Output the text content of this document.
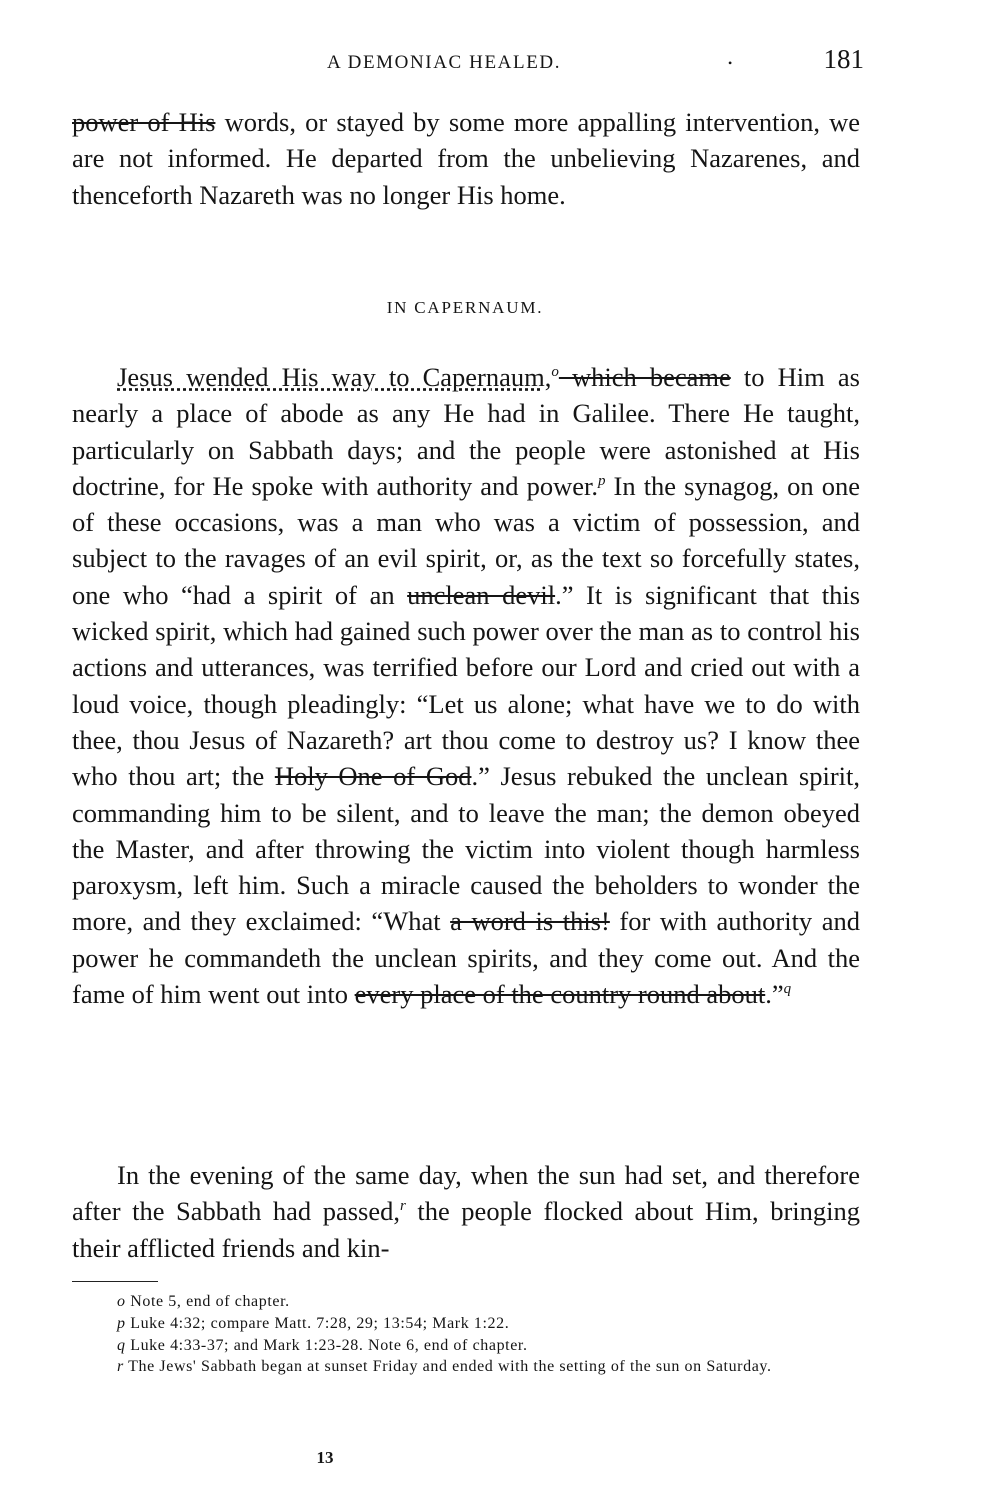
A DEMONIAC HEALED.	•	181

power of His words, or stayed by some more appalling intervention, we are not informed. He departed from the unbelieving Nazarenes, and thenceforth Nazareth was no longer His home.

IN CAPERNAUM.

Jesus wended His way to Capernaum,$^o$ which became to Him as nearly a place of abode as any He had in Galilee. There He taught, particularly on Sabbath days; and the people were astonished at His doctrine, for He spoke with authority and power.$^p$ In the synagog, on one of these occasions, was a man who was a victim of possession, and subject to the ravages of an evil spirit, or, as the text so forcefully states, one who “had a spirit of an unclean devil.” It is significant that this wicked spirit, which had gained such power over the man as to control his actions and utterances, was terrified before our Lord and cried out with a loud voice, though pleadingly: “Let us alone; what have we to do with thee, thou Jesus of Nazareth? art thou come to destroy us? I know thee who thou art; the Holy One of God.” Jesus rebuked the unclean spirit, commanding him to be silent, and to leave the man; the demon obeyed the Master, and after throwing the victim into violent though harmless paroxysm, left him. Such a miracle caused the beholders to wonder the more, and they exclaimed: “What a word is this! for with authority and power he commandeth the unclean spirits, and they come out. And the fame of him went out into every place of the country round about.”$^q$

In the evening of the same day, when the sun had set, and therefore after the Sabbath had passed,$^r$ the people flocked about Him, bringing their afflicted friends and kin-

o Note 5, end of chapter.

p Luke 4:32; compare Matt. 7:28, 29; 13:54; Mark 1:22.

q Luke 4:33-37; and Mark 1:23-28. Note 6, end of chapter.

r The Jews' Sabbath began at sunset Friday and ended with the setting of the sun on Saturday.

13
